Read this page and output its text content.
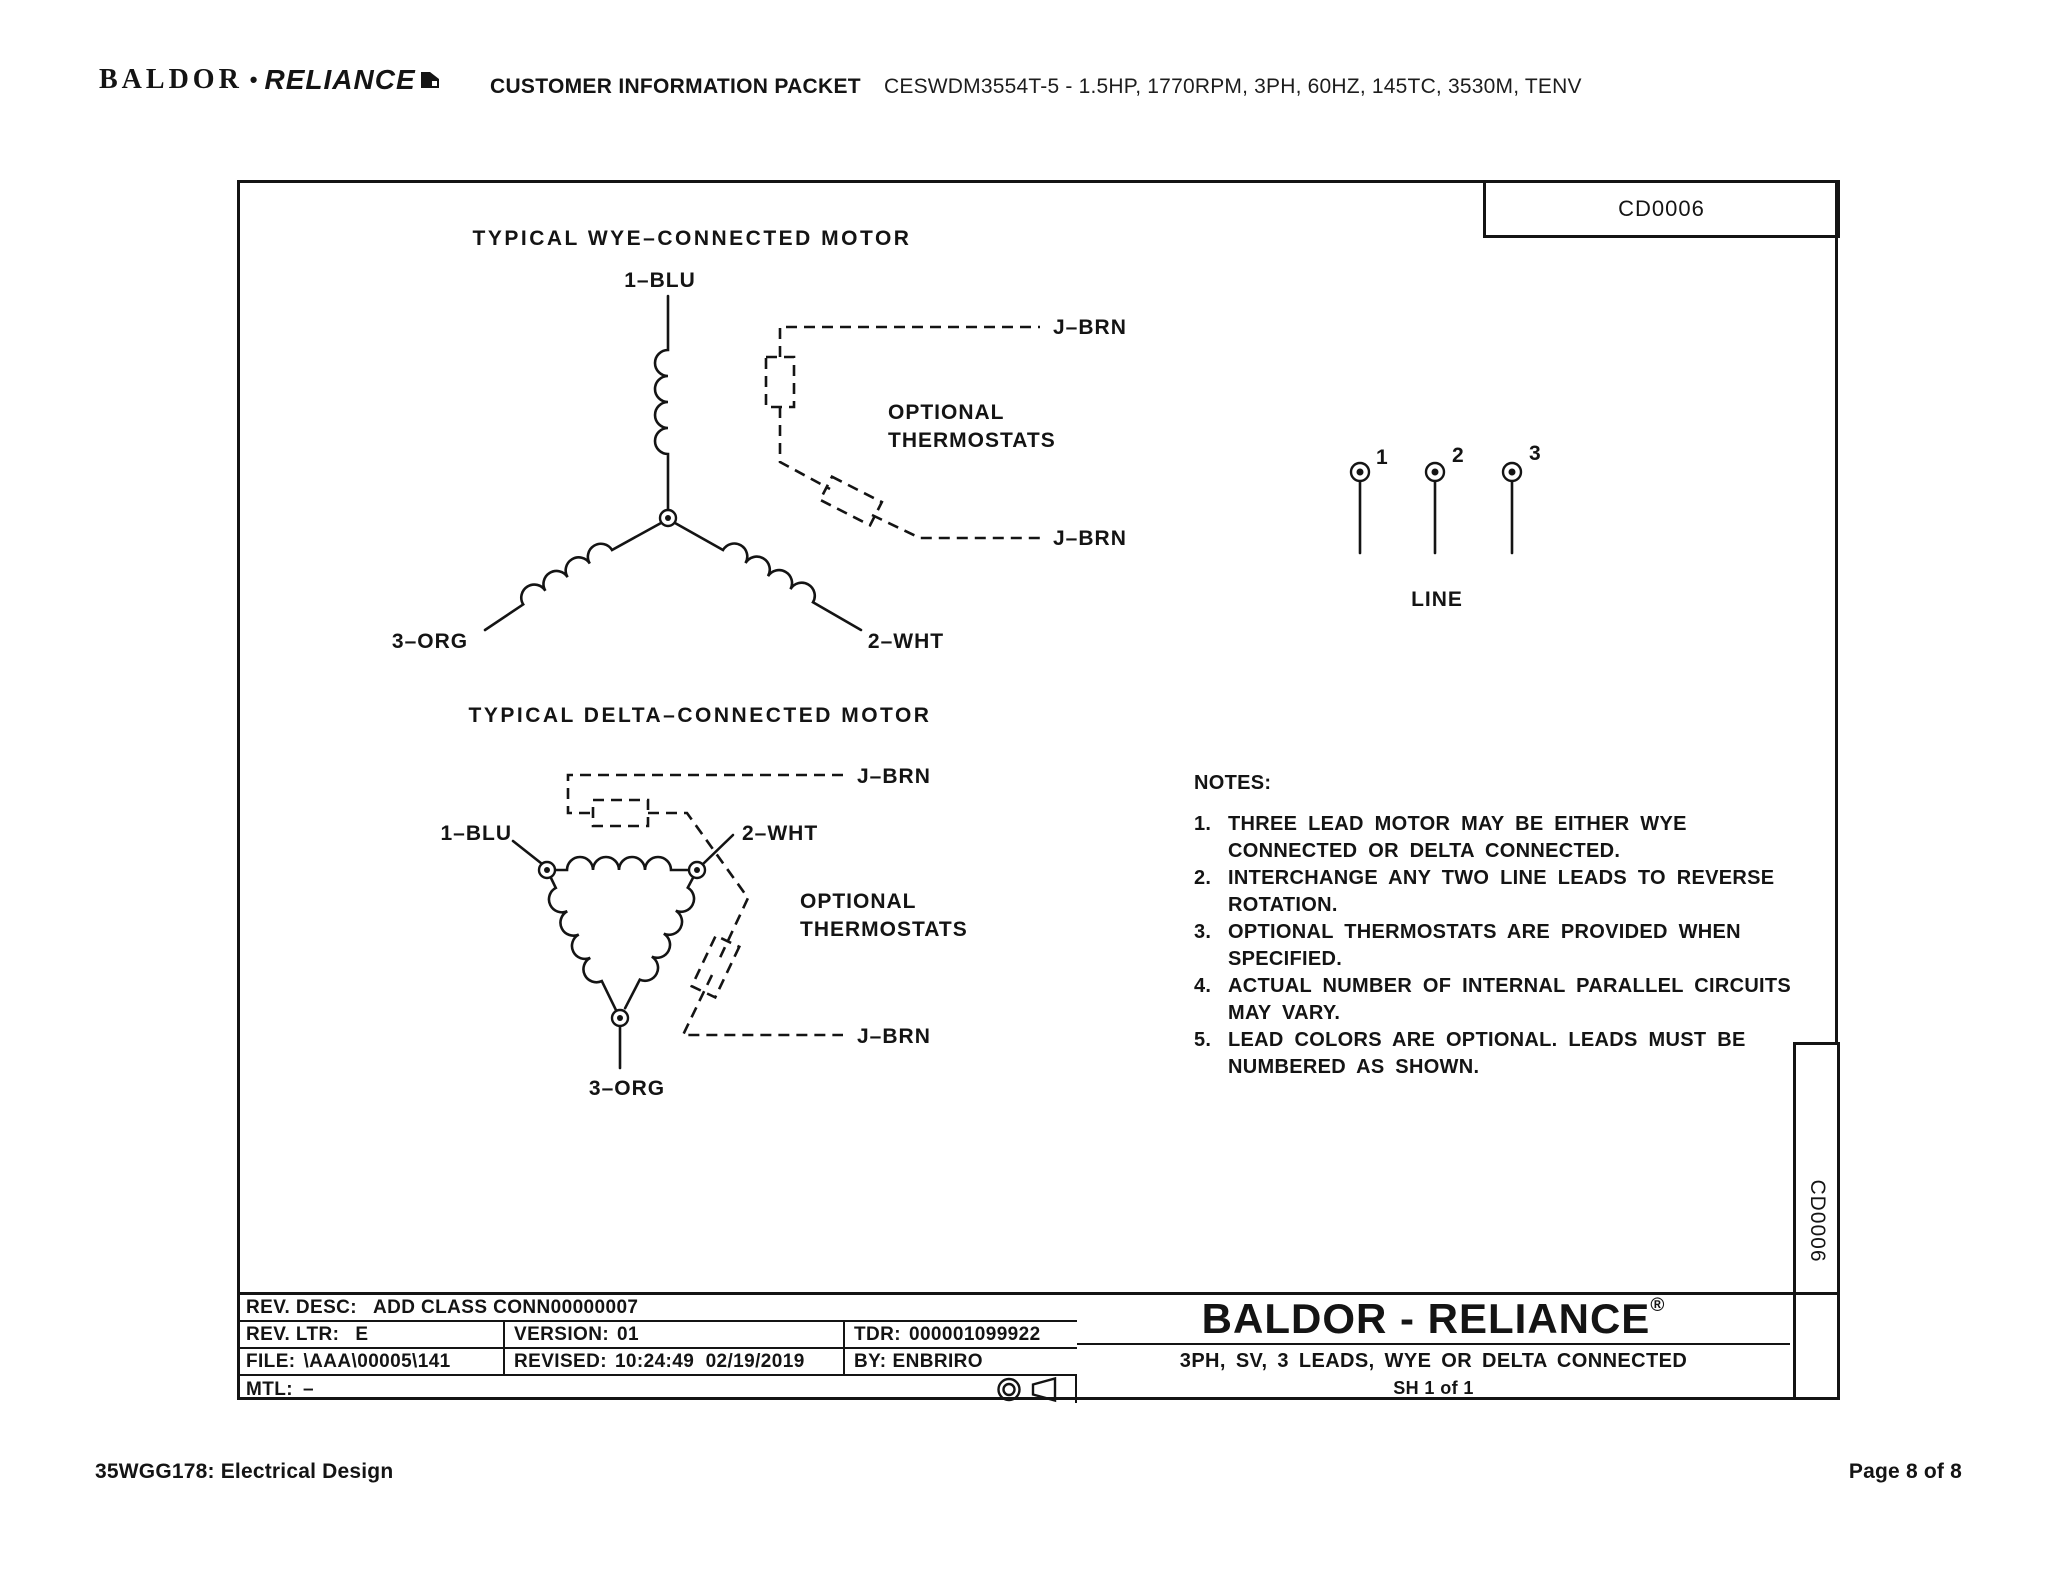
BALDOR • RELIANCE	CUSTOMER INFORMATION PACKET CESWDM3554T-5 - 1.5HP, 1770RPM, 3PH, 60HZ, 145TC, 3530M, TENV
CD0006
CD0006
TYPICAL WYE–CONNECTED MOTOR
1–BLU
3–ORG	2–WHT
J–BRN
J–BRN
OPTIONAL
THERMOSTATS
1	2	3
LINE
TYPICAL DELTA–CONNECTED MOTOR
1–BLU	2–WHT
3–ORG
J–BRN
J–BRN
OPTIONAL
THERMOSTATS
NOTES:
1. THREE LEAD MOTOR MAY BE EITHER WYE
CONNECTED OR DELTA CONNECTED.
2. INTERCHANGE ANY TWO LINE LEADS TO REVERSE
ROTATION.
3. OPTIONAL THERMOSTATS ARE PROVIDED WHEN
SPECIFIED.
4. ACTUAL NUMBER OF INTERNAL PARALLEL CIRCUITS
MAY VARY.
5. LEAD COLORS ARE OPTIONAL. LEADS MUST BE
NUMBERED AS SHOWN.
REV. DESC: ADD CLASS CONN00000007
REV. LTR: E	VERSION: 01	TDR: 000001099922
FILE: \AAA\00005\141	REVISED: 10:24:49  02/19/2019	BY: ENBRIRO
MTL: –
BALDOR - RELIANCE®
3PH, SV, 3 LEADS, WYE OR DELTA CONNECTED
SH 1 of 1
35WGG178: Electrical Design	Page 8 of 8
